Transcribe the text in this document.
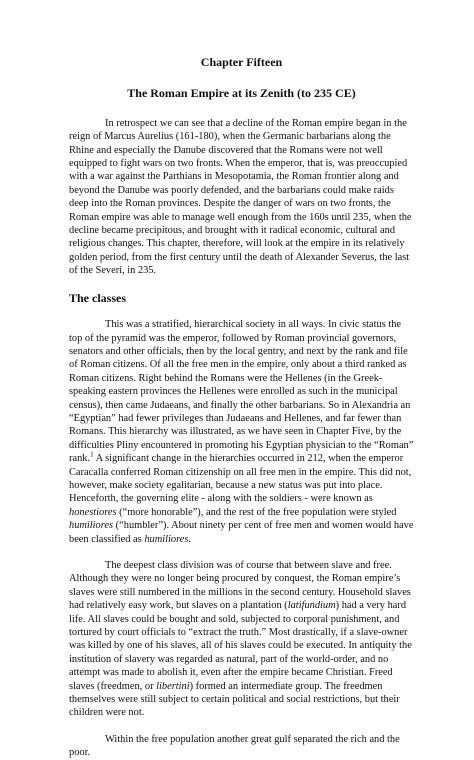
Chapter Fifteen
The Roman Empire at its Zenith (to 235 CE)

In retrospect we can see that a decline of the Roman empire began in the reign of Marcus Aurelius (161-180), when the Germanic barbarians along the Rhine and especially the Danube discovered that the Romans were not well equipped to fight wars on two fronts. When the emperor, that is, was preoccupied with a war against the Parthians in Mesopotamia, the Roman frontier along and beyond the Danube was poorly defended, and the barbarians could make raids deep into the Roman provinces. Despite the danger of wars on two fronts, the Roman empire was able to manage well enough from the 160s until 235, when the decline became precipitous, and brought with it radical economic, cultural and religious changes. This chapter, therefore, will look at the empire in its relatively golden period, from the first century until the death of Alexander Severus, the last of the Severi, in 235.

The classes

This was a stratified, hierarchical society in all ways. In civic status the top of the pyramid was the emperor, followed by Roman provincial governors, senators and other officials, then by the local gentry, and next by the rank and file of Roman citizens. Of all the free men in the empire, only about a third ranked as Roman citizens. Right behind the Romans were the Hellenes (in the Greek-speaking eastern provinces the Hellenes were enrolled as such in the municipal census), then came Judaeans, and finally the other barbarians. So in Alexandria an “Egyptian” had fewer privileges than Judaeans and Hellenes, and far fewer than Romans. This hierarchy was illustrated, as we have seen in Chapter Five, by the difficulties Pliny encountered in promoting his Egyptian physician to the “Roman” rank.$^1$ A significant change in the hierarchies occurred in 212, when the emperor Caracalla conferred Roman citizenship on all free men in the empire. This did not, however, make society egalitarian, because a new status was put into place. Henceforth, the governing elite - along with the soldiers - were known as honestiores (“more honorable”), and the rest of the free population were styled humiliores (“humbler”). About ninety per cent of free men and women would have been classified as humiliores.

The deepest class division was of course that between slave and free. Although they were no longer being procured by conquest, the Roman empire’s slaves were still numbered in the millions in the second century. Household slaves had relatively easy work, but slaves on a plantation (latifundium) had a very hard life. All slaves could be bought and sold, subjected to corporal punishment, and tortured by court officials to “extract the truth.” Most drastically, if a slave-owner was killed by one of his slaves, all of his slaves could be executed. In antiquity the institution of slavery was regarded as natural, part of the world-order, and no attempt was made to abolish it, even after the empire became Christian. Freed slaves (freedmen, or libertini) formed an intermediate group. The freedmen themselves were still subject to certain political and social restrictions, but their children were not.

Within the free population another great gulf separated the rich and the poor.
